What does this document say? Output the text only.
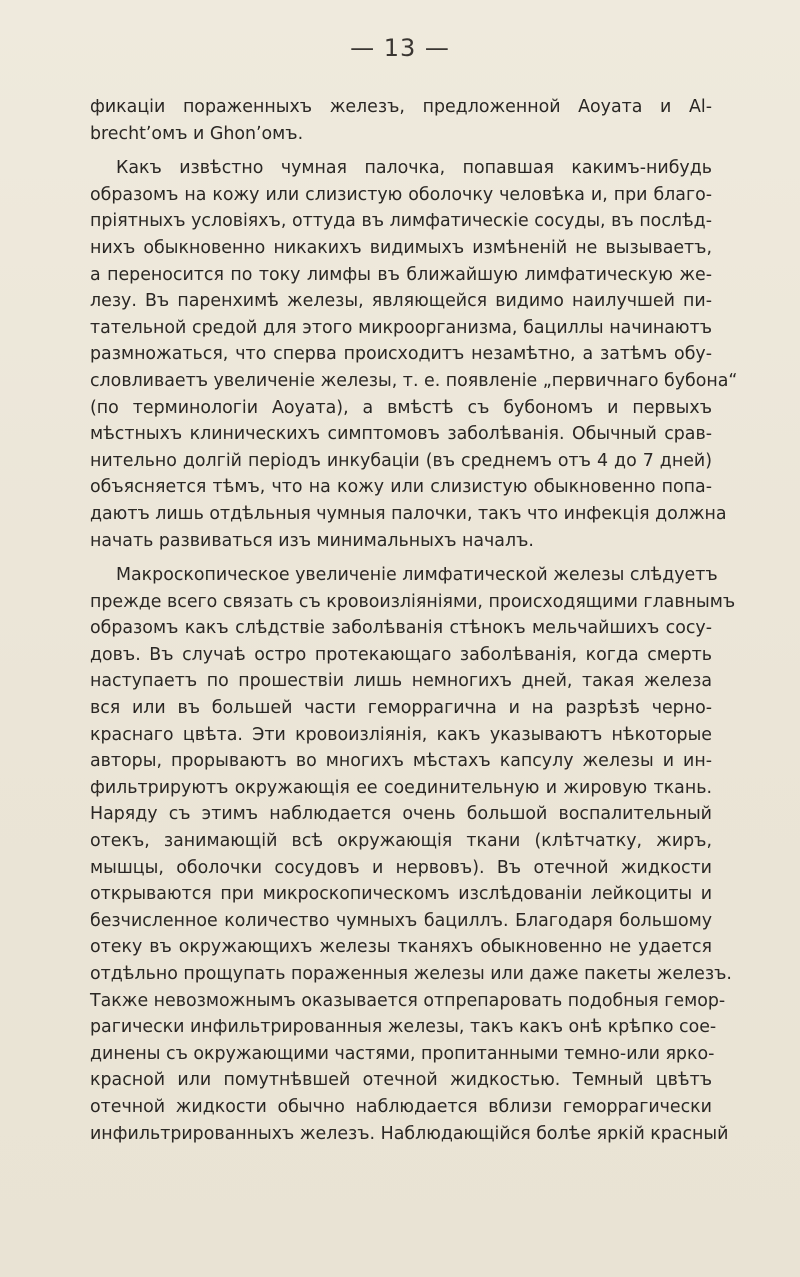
— 13 —
фикаціи пораженныхъ железъ, предложенной Аоуата и Аl-
brechtʼомъ и Ghonʼомъ.
Какъ извѣстно чумная палочка, попавшая какимъ-нибудь
образомъ на кожу или слизистую оболочку человѣка и, при благо-
пріятныхъ условіяхъ, оттуда въ лимфатическіе сосуды, въ послѣд-
нихъ обыкновенно никакихъ видимыхъ измѣненій не вызываетъ,
а переносится по току лимфы въ ближайшую лимфатическую же-
лезу. Въ паренхимѣ железы, являющейся видимо наилучшей пи-
тательной средой для этого микроорганизма, бациллы начинаютъ
размножаться, что сперва происходитъ незамѣтно, а затѣмъ обу-
словливаетъ увеличеніе железы, т. е. появленіе „первичнаго бубона“
(по терминологіи Аоуата), а вмѣстѣ съ бубономъ и первыхъ
мѣстныхъ клиническихъ симптомовъ заболѣванія. Обычный срав-
нительно долгій періодъ инкубаціи (въ среднемъ отъ 4 до 7 дней)
объясняется тѣмъ, что на кожу или слизистую обыкновенно попа-
даютъ лишь отдѣльныя чумныя палочки, такъ что инфекція должна
начать развиваться изъ минимальныхъ началъ.
Макроскопическое увеличеніе лимфатической железы слѣдуетъ
прежде всего связать съ кровоизліяніями, происходящими главнымъ
образомъ какъ слѣдствіе заболѣванія стѣнокъ мельчайшихъ сосу-
довъ. Въ случаѣ остро протекающаго заболѣванія, когда смерть
наступаетъ по прошествіи лишь немногихъ дней, такая железа
вся или въ большей части геморрагична и на разрѣзѣ черно-
краснаго цвѣта. Эти кровоизліянія, какъ указываютъ нѣкоторые
авторы, прорываютъ во многихъ мѣстахъ капсулу железы и ин-
фильтрируютъ окружающія ее соединительную и жировую ткань.
Наряду съ этимъ наблюдается очень большой воспалительный
отекъ, занимающій всѣ окружающія ткани (клѣтчатку, жиръ,
мышцы, оболочки сосудовъ и нервовъ). Въ отечной жидкости
открываются при микроскопическомъ изслѣдованіи лейкоциты и
безчисленное количество чумныхъ бациллъ. Благодаря большому
отеку въ окружающихъ железы тканяхъ обыкновенно не удается
отдѣльно прощупать пораженныя железы или даже пакеты железъ.
Также невозможнымъ оказывается отпрепаровать подобныя гемор-
рагически инфильтрированныя железы, такъ какъ онѣ крѣпко сое-
динены съ окружающими частями, пропитанными темно-или ярко-
красной или помутнѣвшей отечной жидкостью. Темный цвѣтъ
отечной жидкости обычно наблюдается вблизи геморрагически
инфильтрированныхъ железъ. Наблюдающійся болѣе яркій красный
